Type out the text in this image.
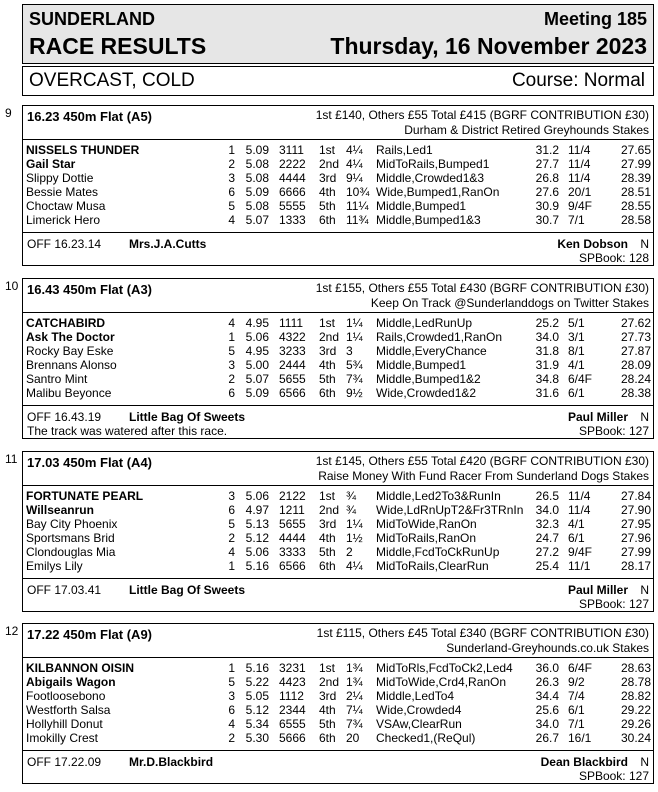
SUNDERLAND
RACE RESULTS
Meeting 185
Thursday, 16 November 2023
OVERCAST, COLD	Course: Normal
9 16.23 450m Flat (A5)	1st £140, Others £55 Total £415 (BGRF CONTRIBUTION £30)
Durham & District Retired Greyhounds Stakes
NISSELS THUNDER	1 5.09 3111 1st 4¼ Rails,Led1	31.2 11/4	27.65
Gail Star	2 5.08 2222 2nd 4¼ MidToRails,Bumped1	27.7 11/4	27.99
Slippy Dottie	3 5.08 4444 3rd 9¼ Middle,Crowded1&3	26.8 11/4	28.39
Bessie Mates	6 5.09 6666 4th 10¾ Wide,Bumped1,RanOn	27.6 20/1	28.51
Choctaw Musa	5 5.08 5555 5th 11¼ Middle,Bumped1	30.9 9/4F	28.55
Limerick Hero	4 5.07 1333 6th 11¾ Middle,Bumped1&3	30.7 7/1	28.58
OFF 16.23.14 Mrs.J.A.Cutts	Ken Dobson N
SPBook: 128
10 16.43 450m Flat (A3)	1st £155, Others £55 Total £430 (BGRF CONTRIBUTION £30)
Keep On Track @Sunderlanddogs on Twitter Stakes
CATCHABIRD	4 4.95 1111 1st 1¼ Middle,LedRunUp	25.2 5/1	27.62
Ask The Doctor	1 5.06 4322 2nd 1¼ Rails,Crowded1,RanOn	34.0 3/1	27.73
Rocky Bay Eske	5 4.95 3233 3rd 3 Middle,EveryChance	31.8 8/1	27.87
Brennans Alonso	3 5.00 2444 4th 5¾ Middle,Bumped1	31.9 4/1	28.09
Santro Mint	2 5.07 5655 5th 7¾ Middle,Bumped1&2	34.8 6/4F	28.24
Malibu Beyonce	6 5.09 6566 6th 9½ Wide,Crowded1&2	31.6 6/1	28.38
OFF 16.43.19 Little Bag Of Sweets	Paul Miller N
The track was watered after this race.	SPBook: 127
11 17.03 450m Flat (A4)	1st £145, Others £55 Total £420 (BGRF CONTRIBUTION £30)
Raise Money With Fund Racer From Sunderland Dogs Stakes
FORTUNATE PEARL	3 5.06 2122 1st ¾ Middle,Led2To3&RunIn	26.5 11/4	27.84
Willseanrun	6 4.97 1211 2nd ¾ Wide,LdRnUpT2&Fr3TRnIn	34.0 11/4	27.90
Bay City Phoenix	5 5.13 5655 3rd 1¼ MidToWide,RanOn	32.3 4/1	27.95
Sportsmans Brid	2 5.12 4444 4th 1½ MidToRails,RanOn	24.7 6/1	27.96
Clondouglas Mia	4 5.06 3333 5th 2 Middle,FcdToCkRunUp	27.2 9/4F	27.99
Emilys Lily	1 5.16 6566 6th 4¼ MidToRails,ClearRun	25.4 11/1	28.17
OFF 17.03.41 Little Bag Of Sweets	Paul Miller N
SPBook: 127
12 17.22 450m Flat (A9)	1st £115, Others £45 Total £340 (BGRF CONTRIBUTION £30)
Sunderland-Greyhounds.co.uk Stakes
KILBANNON OISIN	1 5.16 3231 1st 1¾ MidToRls,FcdToCk2,Led4	36.0 6/4F	28.63
Abigails Wagon	5 5.22 4423 2nd 1¾ MidToWide,Crd4,RanOn	26.3 9/2	28.78
Footloosebono	3 5.05 1112 3rd 2¼ Middle,LedTo4	34.4 7/4	28.82
Westforth Salsa	6 5.12 2344 4th 7¼ Wide,Crowded4	25.6 6/1	29.22
Hollyhill Donut	4 5.34 6555 5th 7¾ VSAw,ClearRun	34.0 7/1	29.26
Imokilly Crest	2 5.30 5666 6th 20 Checked1,(ReQul)	26.7 16/1	30.24
OFF 17.22.09 Mr.D.Blackbird	Dean Blackbird N
SPBook: 127
